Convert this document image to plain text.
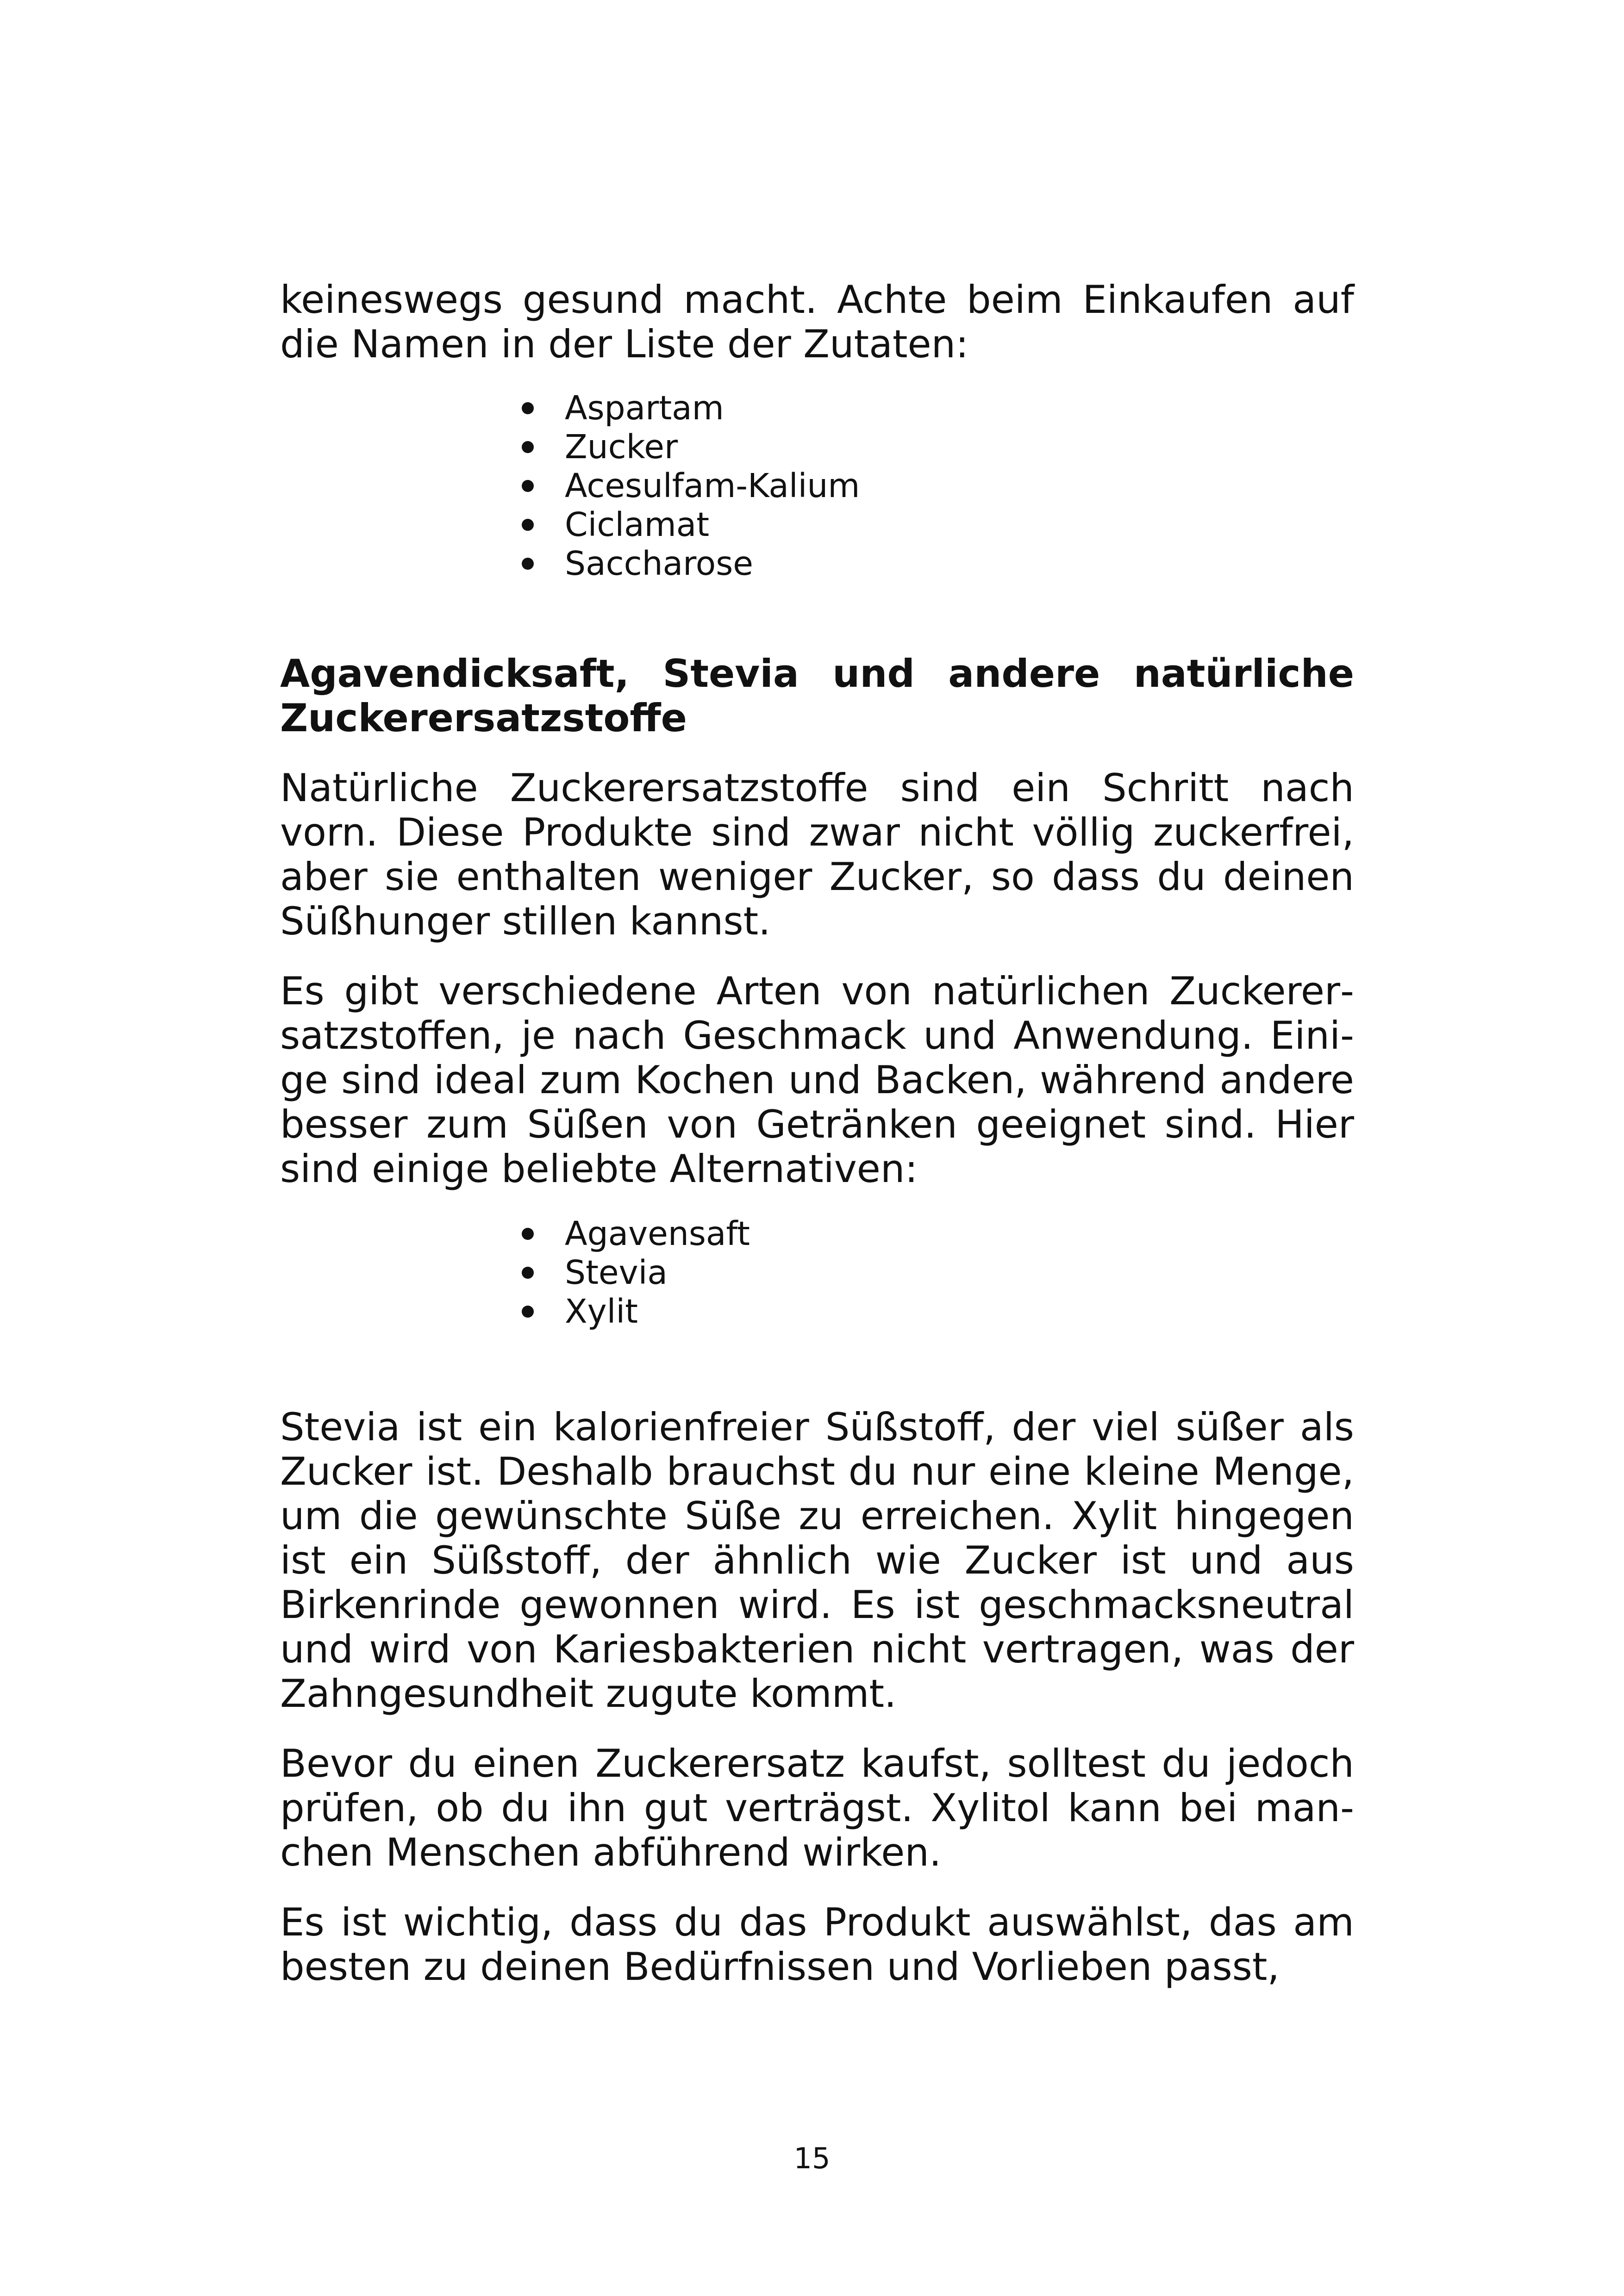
keineswegs gesund macht. Achte beim Einkaufen auf die Namen in der Liste der Zutaten:

Aspartam
Zucker
Acesulfam-Kalium
Ciclamat
Saccharose
Agavendicksaft, Stevia und andere natürliche Zuckerersatzstoffe

Natürliche Zuckerersatzstoffe sind ein Schritt nach vorn. Diese Produkte sind zwar nicht völlig zuckerfrei, aber sie enthalten weniger Zucker, so dass du deinen Süßhunger stillen kannst.

Es gibt verschiedene Arten von natürlichen Zuckerersatzstoffen, je nach Geschmack und Anwendung. Einige sind ideal zum Kochen und Backen, während andere besser zum Süßen von Getränken geeignet sind. Hier sind einige beliebte Alternativen:

Agavensaft
Stevia
Xylit

Stevia ist ein kalorienfreier Süßstoff, der viel süßer als Zucker ist. Deshalb brauchst du nur eine kleine Menge, um die gewünschte Süße zu erreichen. Xylit hingegen ist ein Süßstoff, der ähnlich wie Zucker ist und aus Birkenrinde gewonnen wird. Es ist geschmacksneutral und wird von Kariesbakterien nicht vertragen, was der Zahngesundheit zugute kommt.

Bevor du einen Zuckerersatz kaufst, solltest du jedoch prüfen, ob du ihn gut verträgst. Xylitol kann bei manchen Menschen abführend wirken.

Es ist wichtig, dass du das Produkt auswählst, das am besten zu deinen Bedürfnissen und Vorlieben passt,

15
